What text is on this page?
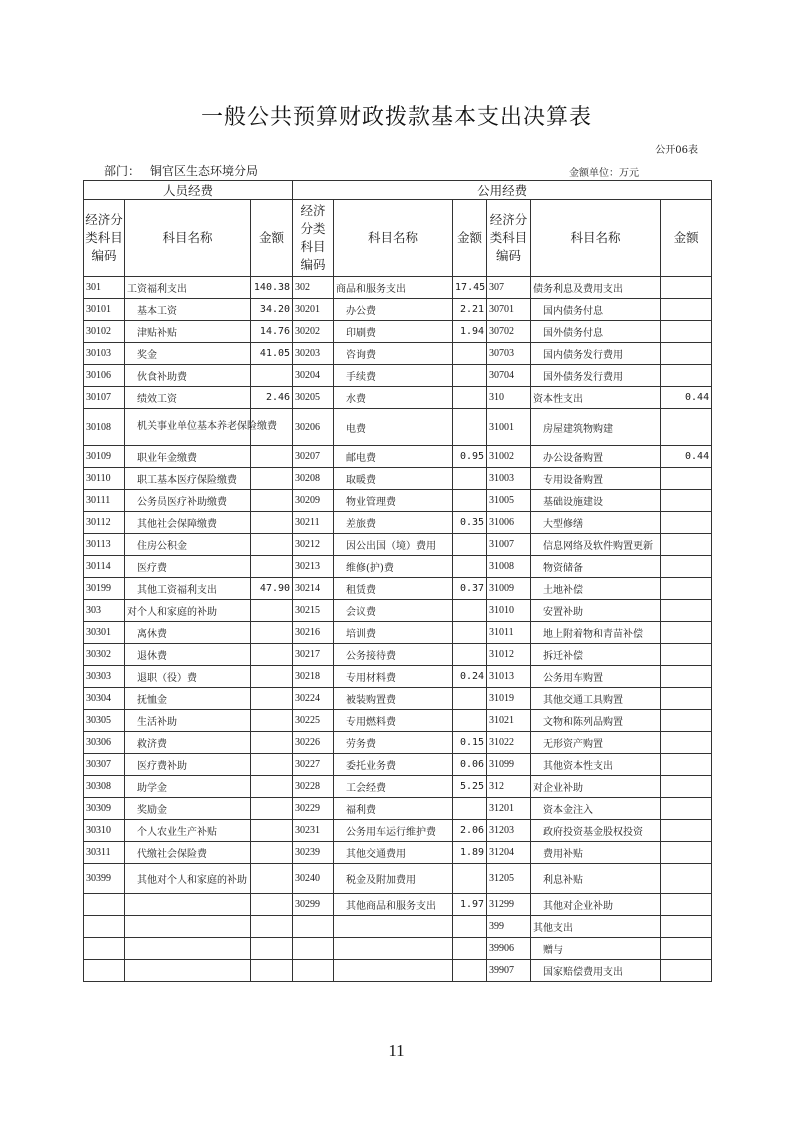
一般公共预算财政拨款基本支出决算表
公开06表
部门： 铜官区生态环境分局	金额单位：万元
人员经费			公用经费					
经济分类科目编码	科目名称	金额	经济分类科目编码	科目名称	金额	经济分类科目编码	科目名称	金额
301	工资福利支出	140.38	302	商品和服务支出	17.45	307	债务利息及费用支出	
30101	基本工资	34.20	30201	办公费	2.21	30701	国内债务付息	
30102	津贴补贴	14.76	30202	印刷费	1.94	30702	国外债务付息	
30103	奖金	41.05	30203	咨询费		30703	国内债务发行费用	
30106	伙食补助费		30204	手续费		30704	国外债务发行费用	
30107	绩效工资	2.46	30205	水费		310	资本性支出	0.44
30108	机关事业单位基本养老保险缴费		30206	电费		31001	房屋建筑物购建	
30109	职业年金缴费		30207	邮电费	0.95	31002	办公设备购置	0.44
30110	职工基本医疗保险缴费		30208	取暖费		31003	专用设备购置	
30111	公务员医疗补助缴费		30209	物业管理费		31005	基础设施建设	
30112	其他社会保障缴费		30211	差旅费	0.35	31006	大型修缮	
30113	住房公积金		30212	因公出国（境）费用		31007	信息网络及软件购置更新	
30114	医疗费		30213	维修(护)费		31008	物资储备	
30199	其他工资福利支出	47.90	30214	租赁费	0.37	31009	土地补偿	
303	对个人和家庭的补助		30215	会议费		31010	安置补助	
30301	离休费		30216	培训费		31011	地上附着物和青苗补偿	
30302	退休费		30217	公务接待费		31012	拆迁补偿	
30303	退职（役）费		30218	专用材料费	0.24	31013	公务用车购置	
30304	抚恤金		30224	被装购置费		31019	其他交通工具购置	
30305	生活补助		30225	专用燃料费		31021	文物和陈列品购置	
30306	救济费		30226	劳务费	0.15	31022	无形资产购置	
30307	医疗费补助		30227	委托业务费	0.06	31099	其他资本性支出	
30308	助学金		30228	工会经费	5.25	312	对企业补助	
30309	奖励金		30229	福利费		31201	资本金注入	
30310	个人农业生产补贴		30231	公务用车运行维护费	2.06	31203	政府投资基金股权投资	
30311	代缴社会保险费		30239	其他交通费用	1.89	31204	费用补贴	
30399	其他对个人和家庭的补助		30240	税金及附加费用		31205	利息补贴	
			30299	其他商品和服务支出	1.97	31299	其他对企业补助	
						399	其他支出	
						39906	赠与	
						39907	国家赔偿费用支出	
11
